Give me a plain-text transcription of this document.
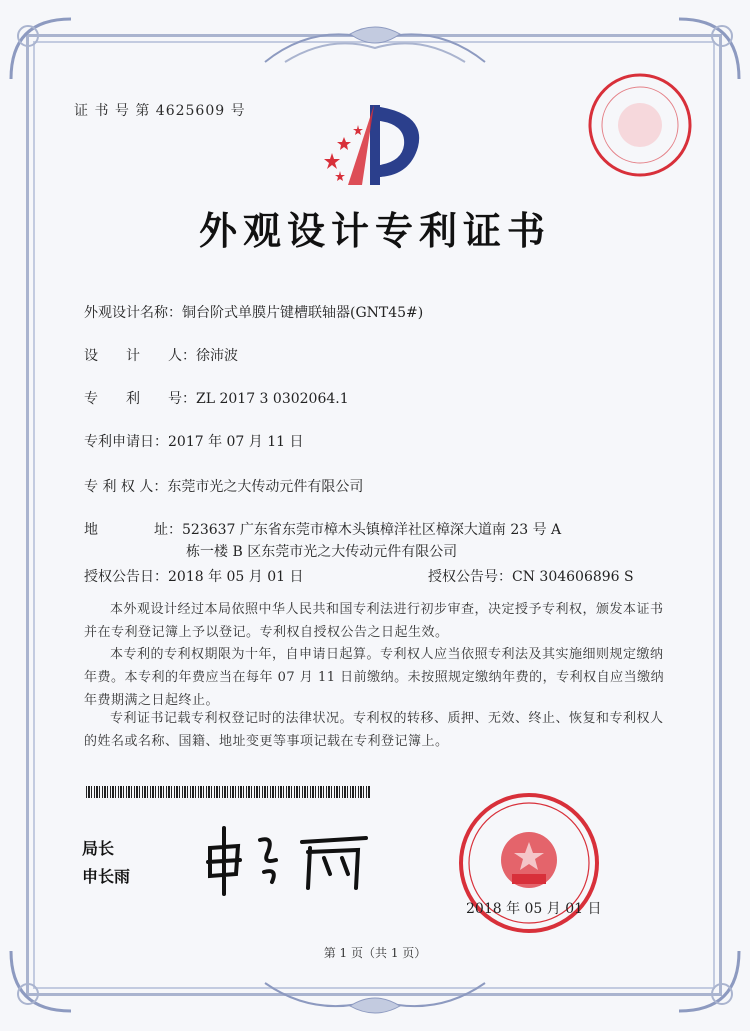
证 书 号 第 4625609 号
外观设计专利证书
外观设计名称：铜台阶式单膜片键槽联轴器(GNT45#)
设　　计　　人：徐沛波
专　　利　　号：ZL 2017 3 0302064.1
专利申请日：2017 年 07 月 11 日
专 利 权 人：东莞市光之大传动元件有限公司
地　　　　址：523637 广东省东莞市樟木头镇樟洋社区樟深大道南 23 号 A
栋一楼 B 区东莞市光之大传动元件有限公司
授权公告日：2018 年 05 月 01 日	授权公告号：CN 304606896 S
本外观设计经过本局依照中华人民共和国专利法进行初步审查，决定授予专利权，颁发本证书并在专利登记簿上予以登记。专利权自授权公告之日起生效。
本专利的专利权期限为十年，自申请日起算。专利权人应当依照专利法及其实施细则规定缴纳年费。本专利的年费应当在每年 07 月 11 日前缴纳。未按照规定缴纳年费的，专利权自应当缴纳年费期满之日起终止。
专利证书记载专利权登记时的法律状况。专利权的转移、质押、无效、终止、恢复和专利权人的姓名或名称、国籍、地址变更等事项记载在专利登记簿上。
局长
申长雨
2018 年 05 月 01 日
第 1 页（共 1 页）
